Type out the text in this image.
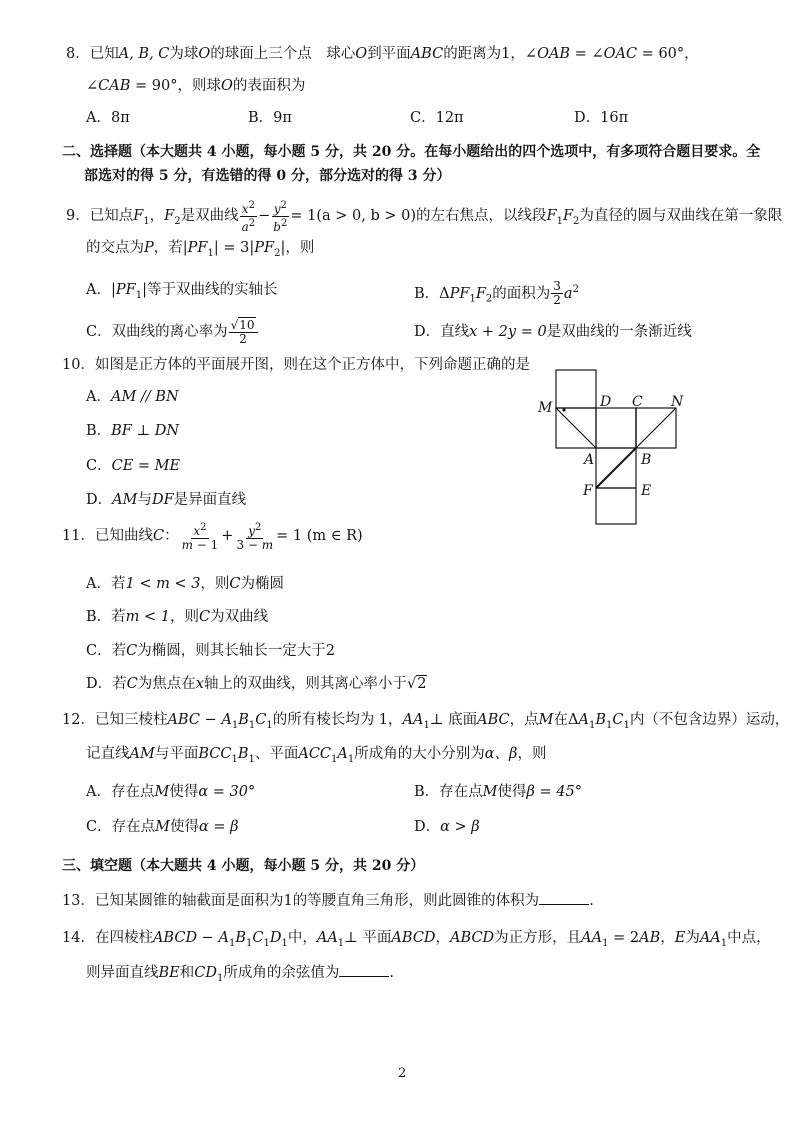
8．已知A, B, C为球O的球面上三个点　球心O到平面ABC的距离为1，∠OAB = ∠OAC = 60°，
∠CAB = 90°，则球O的表面积为
A．8π	B．9π	C．12π	D．16π
二、选择题（本大题共 4 小题，每小题 5 分，共 20 分。在每小题给出的四个选项中，有多项符合题目要求。全
部选对的得 5 分，有选错的得 0 分，部分选对的得 3 分）
9．已知点$F_1$，$F_2$是双曲线 $\frac{x^2}{a^2} - \frac{y^2}{b^2} = 1(a > 0$, b > 0)的左右焦点，以线段$F_1F_2$为直径的圆与双曲线在第一象限
的交点为P，若$|PF_1| = 3|PF_2|$，则
A．$|PF_1|$等于双曲线的实轴长	B．$\Delta PF_1F_2$的面积为 $\frac{3}{2} a^2$
C．双曲线的离心率为 $\frac{√10}{2}$	D．直线x + 2y = 0是双曲线的一条渐近线
10．如图是正方体的平面展开图，则在这个正方体中，下列命题正确的是
A．AM // BN
B．BF ⊥ DN
C．CE = ME
D．AM与DF是异面直线
M	D C N
A	B
F	E
11．已知曲线C： $\frac{x^2}{m - 1} + \frac{y^2}{3 - m} = 1$ (m ∈ R)
A．若1 < m < 3，则C为椭圆
B．若m < 1，则C为双曲线
C．若C为椭圆，则其长轴长一定大于2
D．若C为焦点在x轴上的双曲线，则其离心率小于√2
12．已知三棱柱ABC − $A_1B_1C_1$的所有棱长均为 1，$AA_1\perp$ 底面ABC，点M在$\Delta A_1B_1C_1$内（不包含边界）运动，
记直线AM与平面$BCC_1B_1$、平面$ACC_1A_1$所成角的大小分别为α、β，则
A．存在点M使得α = 30°	B．存在点M使得β = 45°
C．存在点M使得α = β	D．α > β
三、填空题（本大题共 4 小题，每小题 5 分，共 20 分）
13．已知某圆锥的轴截面是面积为1的等腰直角三角形，则此圆锥的体积为	.
14．在四棱柱ABCD − $A_1B_1C_1D_1$中，$AA_1\perp$ 平面ABCD，ABCD为正方形，且$AA_1 = 2AB$，E为$AA_1$中点，
则异面直线BE和$CD_1$所成角的余弦值为	.
2
